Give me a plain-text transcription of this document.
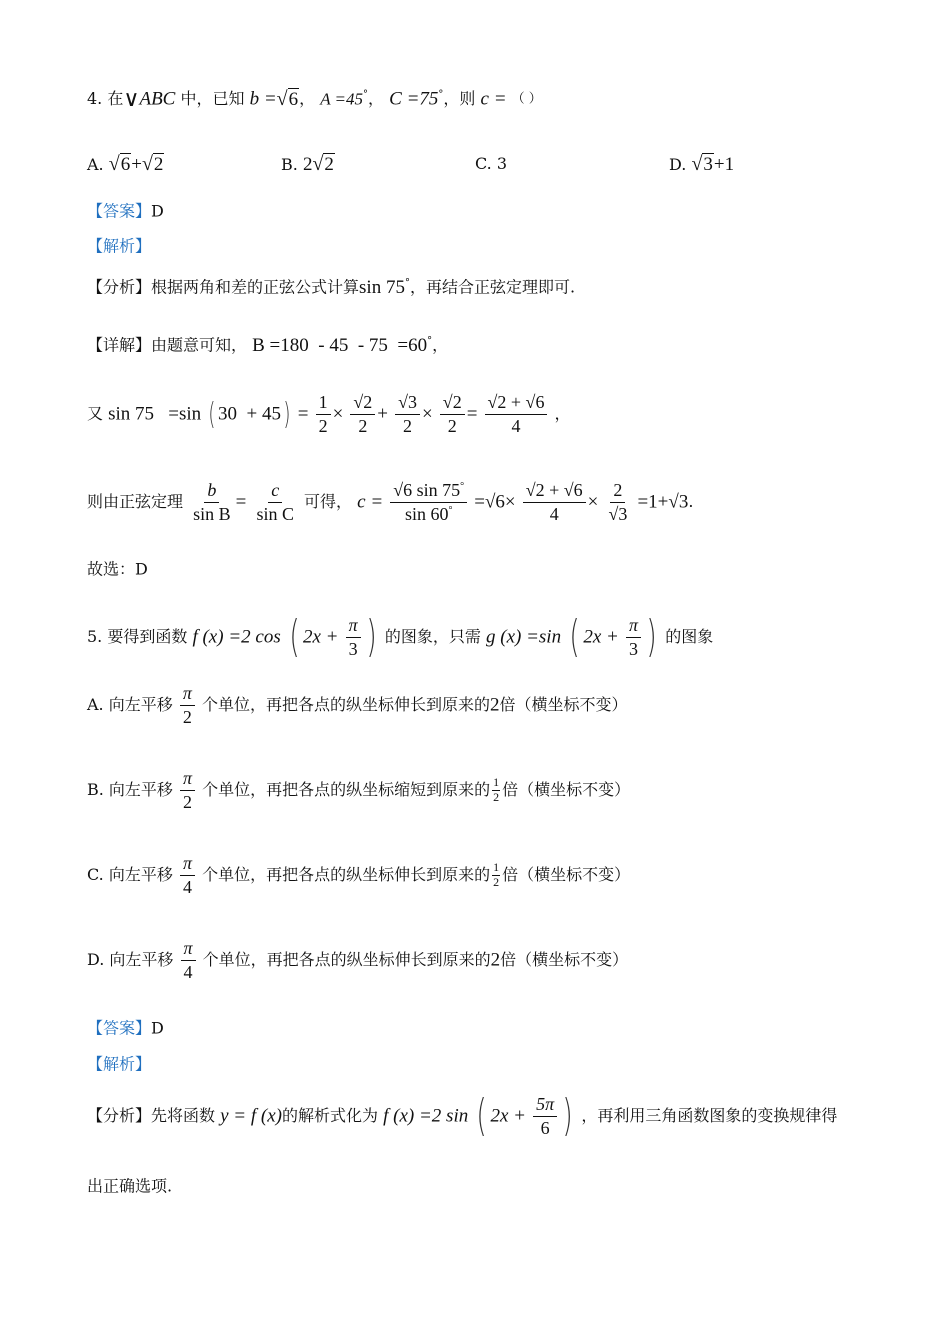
4. 在∨ABC 中，已知 b =√6， A =45°， C =75°，则 c = （ ）
A. √6+√2	B. 2√2	C. 3	D. √3+1
【答案】D
【解析】
【分析】根据两角和差的正弦公式计算sin 75°，再结合正弦定理即可.
【详解】由题意可知， B =180  - 45  - 75  =60°，
又 sin 75   =sin ( $30 + 45) = \frac{1}{2} \times \frac{√2}{2} + \frac{√3}{2} \times \frac{√2}{2} = \frac{√2 + √6}{4}$ ，
则由正弦定理 $\frac{b}{\text{sin B}} = \frac{c}{\text{sin C}}$ 可得， $c = \frac{√6 \sin 75^\circ}{\sin 60^\circ} =√6\times \frac{√2 + √6}{4} \times \frac{2}{√3} =1+√3$.
故选：D
5. 要得到函数 f (x) =2 cos ( $2x + \frac{\pi}{3}$ ) 的图象，只需 g (x) =sin ( $2x + \frac{\pi}{3}$ ) 的图象
A. 向左平移 $\frac{\pi}{2}$ 个单位，再把各点的纵坐标伸长到原来的2倍（横坐标不变）
B. 向左平移 $\frac{\pi}{2}$ 个单位，再把各点的纵坐标缩短到原来的 $\frac{1}{2}$ 倍（横坐标不变）
C. 向左平移 $\frac{\pi}{4}$ 个单位，再把各点的纵坐标伸长到原来的 $\frac{1}{2}$ 倍（横坐标不变）
D. 向左平移 $\frac{\pi}{4}$ 个单位，再把各点的纵坐标伸长到原来的2倍（横坐标不变）
【答案】D
【解析】
【分析】先将函数 y = f (x)的解析式化为 f (x) =2 sin ( $2x + \frac{5\pi}{6}$ ) ，再利用三角函数图象的变换规律得
出正确选项.
